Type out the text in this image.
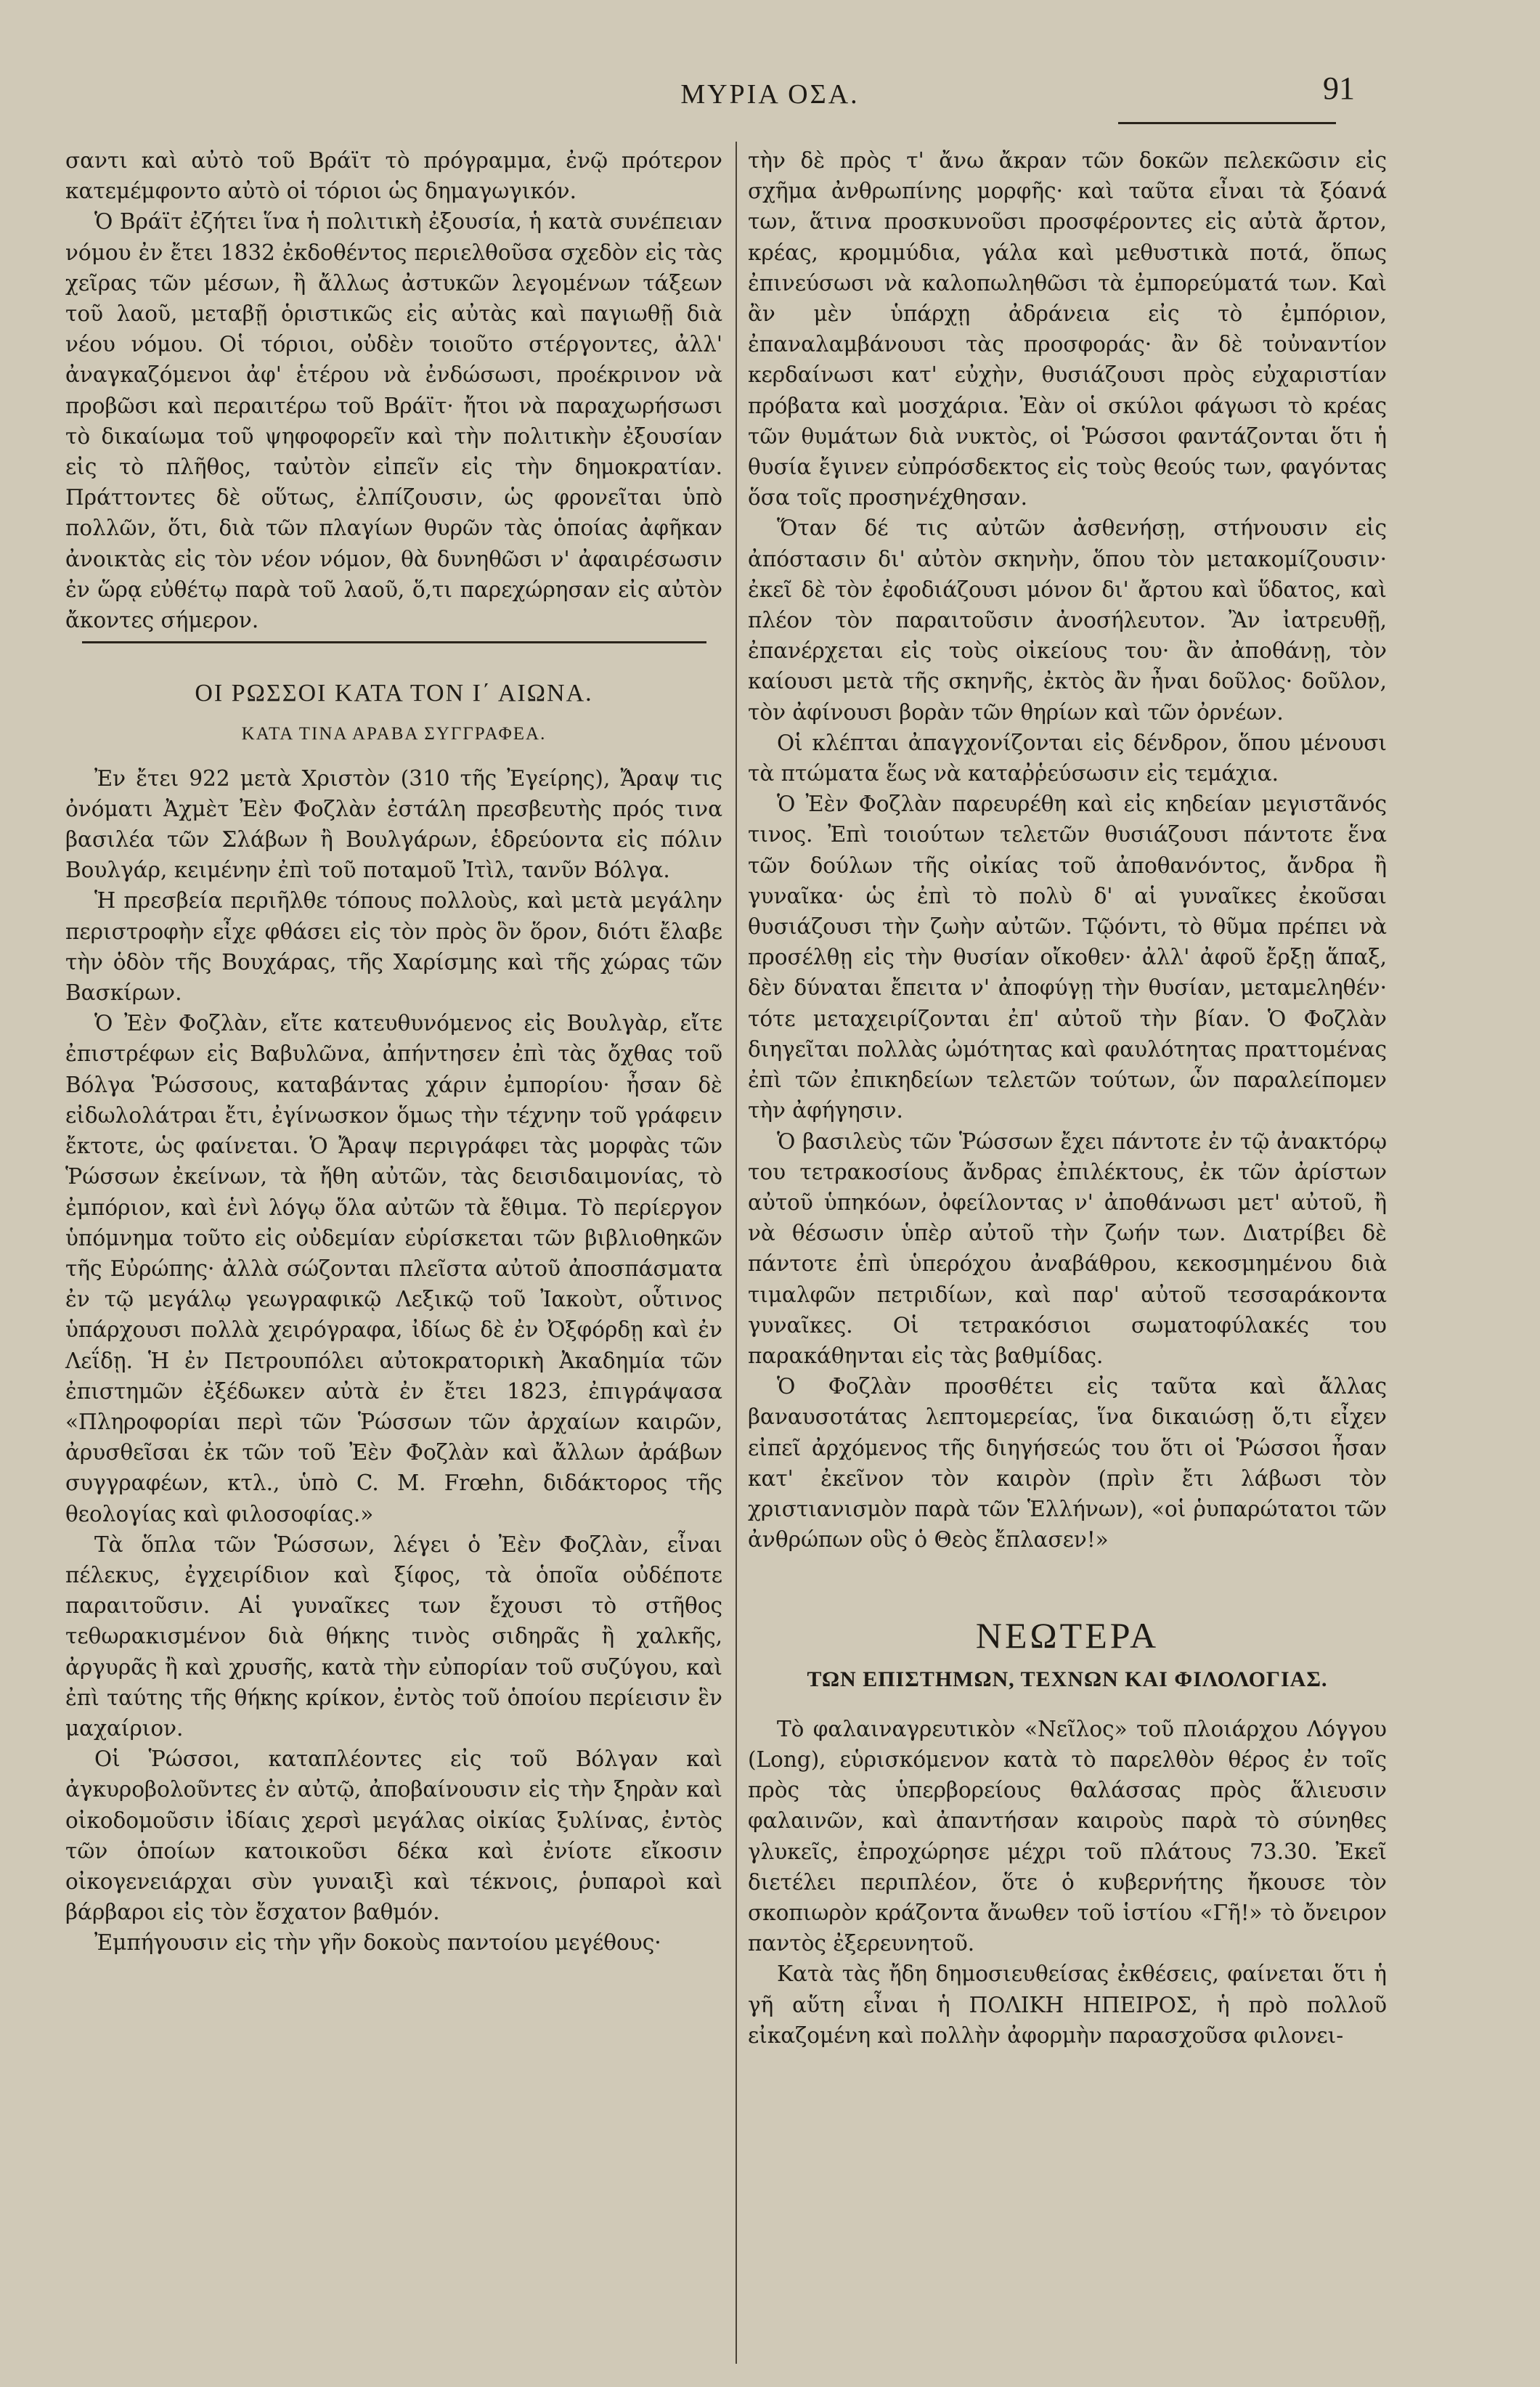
ΜΥΡΙΑ ΟΣΑ.	91

σαντι καὶ αὐτὸ τοῦ Βράϊτ τὸ πρόγραμμα, ἐνῷ πρότερον κατεμέμφοντο αὐτὸ οἱ τόριοι ὡς δημαγωγικόν.

Ὁ Βράϊτ ἐζήτει ἵνα ἡ πολιτικὴ ἐξουσία, ἡ κατὰ συνέπειαν νόμου ἐν ἔτει 1832 ἐκδοθέντος περιελθοῦσα σχεδὸν εἰς τὰς χεῖρας τῶν μέσων, ἢ ἄλλως ἀστυκῶν λεγομένων τάξεων τοῦ λαοῦ, μεταβῇ ὁριστικῶς εἰς αὐτὰς καὶ παγιωθῇ διὰ νέου νόμου. Οἱ τόριοι, οὐδὲν τοιοῦτο στέργοντες, ἀλλ' ἀναγκαζόμενοι ἀφ' ἑτέρου νὰ ἐνδώσωσι, προέκρινον νὰ προβῶσι καὶ περαιτέρω τοῦ Βράϊτ· ἤτοι νὰ παραχωρήσωσι τὸ δικαίωμα τοῦ ψηφοφορεῖν καὶ τὴν πολιτικὴν ἐξουσίαν εἰς τὸ πλῆθος, ταὐτὸν εἰπεῖν εἰς τὴν δημοκρατίαν. Πράττοντες δὲ οὕτως, ἐλπίζουσιν, ὡς φρονεῖται ὑπὸ πολλῶν, ὅτι, διὰ τῶν πλαγίων θυρῶν τὰς ὁποίας ἀφῆκαν ἀνοικτὰς εἰς τὸν νέον νόμον, θὰ δυνηθῶσι ν' ἀφαιρέσωσιν ἐν ὥρᾳ εὐθέτῳ παρὰ τοῦ λαοῦ, ὅ,τι παρεχώρησαν εἰς αὐτὸν ἄκοντες σήμερον.

ΟΙ ΡΩΣΣΟΙ ΚΑΤΑ ΤΟΝ Ι΄ ΑΙΩΝΑ.
ΚΑΤΑ ΤΙΝΑ ΑΡΑΒΑ ΣΥΓΓΡΑΦΕΑ.

Ἐν ἔτει 922 μετὰ Χριστὸν (310 τῆς Ἐγείρης), Ἄραψ τις ὀνόματι Ἀχμὲτ Ἐὲν Φοζλὰν ἐστάλη πρεσβευτὴς πρός τινα βασιλέα τῶν Σλάβων ἢ Βουλγάρων, ἑδρεύοντα εἰς πόλιν Βουλγάρ, κειμένην ἐπὶ τοῦ ποταμοῦ Ἰτὶλ, τανῦν Βόλγα.

Ἡ πρεσβεία περιῆλθε τόπους πολλοὺς, καὶ μετὰ μεγάλην περιστροφὴν εἶχε φθάσει εἰς τὸν πρὸς ὃν ὅρον, διότι ἔλαβε τὴν ὁδὸν τῆς Βουχάρας, τῆς Χαρίσμης καὶ τῆς χώρας τῶν Βασκίρων.

Ὁ Ἐὲν Φοζλὰν, εἴτε κατευθυνόμενος εἰς Βουλγὰρ, εἴτε ἐπιστρέφων εἰς Βαβυλῶνα, ἀπήντησεν ἐπὶ τὰς ὄχθας τοῦ Βόλγα Ῥώσσους, καταβάντας χάριν ἐμπορίου· ἦσαν δὲ εἰδωλολάτραι ἔτι, ἐγίνωσκον ὅμως τὴν τέχνην τοῦ γράφειν ἔκτοτε, ὡς φαίνεται. Ὁ Ἄραψ περιγράφει τὰς μορφὰς τῶν Ῥώσσων ἐκείνων, τὰ ἤθη αὐτῶν, τὰς δεισιδαιμονίας, τὸ ἐμπόριον, καὶ ἑνὶ λόγῳ ὅλα αὐτῶν τὰ ἔθιμα. Τὸ περίεργον ὑπόμνημα τοῦτο εἰς οὐδεμίαν εὑρίσκεται τῶν βιβλιοθηκῶν τῆς Εὐρώπης· ἀλλὰ σώζονται πλεῖστα αὐτοῦ ἀποσπάσματα ἐν τῷ μεγάλῳ γεωγραφικῷ Λεξικῷ τοῦ Ἰακοὺτ, οὗτινος ὑπάρχουσι πολλὰ χειρόγραφα, ἰδίως δὲ ἐν Ὀξφόρδῃ καὶ ἐν Λεΐδῃ. Ἡ ἐν Πετρουπόλει αὐτοκρατορικὴ Ἀκαδημία τῶν ἐπιστημῶν ἐξέδωκεν αὐτὰ ἐν ἔτει 1823, ἐπιγράψασα «Πληροφορίαι περὶ τῶν Ῥώσσων τῶν ἀρχαίων καιρῶν, ἀρυσθεῖσαι ἐκ τῶν τοῦ Ἐὲν Φοζλὰν καὶ ἄλλων ἀράβων συγγραφέων, κτλ., ὑπὸ C. M. Frœhn, διδάκτορος τῆς θεολογίας καὶ φιλοσοφίας.»

Τὰ ὅπλα τῶν Ῥώσσων, λέγει ὁ Ἐὲν Φοζλὰν, εἶναι πέλεκυς, ἐγχειρίδιον καὶ ξίφος, τὰ ὁποῖα οὐδέποτε παραιτοῦσιν. Αἱ γυναῖκες των ἔχουσι τὸ στῆθος τεθωρακισμένον διὰ θήκης τινὸς σιδηρᾶς ἢ χαλκῆς, ἀργυρᾶς ἢ καὶ χρυσῆς, κατὰ τὴν εὐπορίαν τοῦ συζύγου, καὶ ἐπὶ ταύτης τῆς θήκης κρίκον, ἐντὸς τοῦ ὁποίου περίεισιν ἓν μαχαίριον.

Οἱ Ῥώσσοι, καταπλέοντες εἰς τοῦ Βόλγαν καὶ ἀγκυροβολοῦντες ἐν αὐτῷ, ἀποβαίνουσιν εἰς τὴν ξηρὰν καὶ οἰκοδομοῦσιν ἰδίαις χερσὶ μεγάλας οἰκίας ξυλίνας, ἐντὸς τῶν ὁποίων κατοικοῦσι δέκα καὶ ἐνίοτε εἴκοσιν οἰκογενειάρχαι σὺν γυναιξὶ καὶ τέκνοις, ῥυπαροὶ καὶ βάρβαροι εἰς τὸν ἔσχατον βαθμόν.

Ἐμπήγουσιν εἰς τὴν γῆν δοκοὺς παντοίου μεγέθους·

τὴν δὲ πρὸς τ' ἄνω ἄκραν τῶν δοκῶν πελεκῶσιν εἰς σχῆμα ἀνθρωπίνης μορφῆς· καὶ ταῦτα εἶναι τὰ ξόανά των, ἅτινα προσκυνοῦσι προσφέροντες εἰς αὐτὰ ἄρτον, κρέας, κρομμύδια, γάλα καὶ μεθυστικὰ ποτά, ὅπως ἐπινεύσωσι νὰ καλοπωληθῶσι τὰ ἐμπορεύματά των. Καὶ ἂν μὲν ὑπάρχῃ ἀδράνεια εἰς τὸ ἐμπόριον, ἐπαναλαμβάνουσι τὰς προσφοράς· ἂν δὲ τοὐναντίον κερδαίνωσι κατ' εὐχὴν, θυσιάζουσι πρὸς εὐχαριστίαν πρόβατα καὶ μοσχάρια. Ἐὰν οἱ σκύλοι φάγωσι τὸ κρέας τῶν θυμάτων διὰ νυκτὸς, οἱ Ῥώσσοι φαντάζονται ὅτι ἡ θυσία ἔγινεν εὐπρόσδεκτος εἰς τοὺς θεούς των, φαγόντας ὅσα τοῖς προσηνέχθησαν.

Ὅταν δέ τις αὐτῶν ἀσθενήσῃ, στήνουσιν εἰς ἀπόστασιν δι' αὐτὸν σκηνὴν, ὅπου τὸν μετακομίζουσιν· ἐκεῖ δὲ τὸν ἐφοδιάζουσι μόνον δι' ἄρτου καὶ ὕδατος, καὶ πλέον τὸν παραιτοῦσιν ἀνοσήλευτον. Ἂν ἰατρευθῇ, ἐπανέρχεται εἰς τοὺς οἰκείους του· ἂν ἀποθάνῃ, τὸν καίουσι μετὰ τῆς σκηνῆς, ἐκτὸς ἂν ἦναι δοῦλος· δοῦλον, τὸν ἀφίνουσι βορὰν τῶν θηρίων καὶ τῶν ὀρνέων.

Οἱ κλέπται ἀπαγχονίζονται εἰς δένδρον, ὅπου μένουσι τὰ πτώματα ἕως νὰ καταῤῥεύσωσιν εἰς τεμάχια.

Ὁ Ἐὲν Φοζλὰν παρευρέθη καὶ εἰς κηδείαν μεγιστᾶνός τινος. Ἐπὶ τοιούτων τελετῶν θυσιάζουσι πάντοτε ἕνα τῶν δούλων τῆς οἰκίας τοῦ ἀποθανόντος, ἄνδρα ἢ γυναῖκα· ὡς ἐπὶ τὸ πολὺ δ' αἱ γυναῖκες ἐκοῦσαι θυσιάζουσι τὴν ζωὴν αὐτῶν. Τῷόντι, τὸ θῦμα πρέπει νὰ προσέλθῃ εἰς τὴν θυσίαν οἴκοθεν· ἀλλ' ἀφοῦ ἔρξῃ ἅπαξ, δὲν δύναται ἔπειτα ν' ἀποφύγῃ τὴν θυσίαν, μεταμεληθέν· τότε μεταχειρίζονται ἐπ' αὐτοῦ τὴν βίαν. Ὁ Φοζλὰν διηγεῖται πολλὰς ὠμότητας καὶ φαυλότητας πραττομένας ἐπὶ τῶν ἐπικηδείων τελετῶν τούτων, ὧν παραλείπομεν τὴν ἀφήγησιν.

Ὁ βασιλεὺς τῶν Ῥώσσων ἔχει πάντοτε ἐν τῷ ἀνακτόρῳ του τετρακοσίους ἄνδρας ἐπιλέκτους, ἐκ τῶν ἀρίστων αὐτοῦ ὑπηκόων, ὀφείλοντας ν' ἀποθάνωσι μετ' αὐτοῦ, ἢ νὰ θέσωσιν ὑπὲρ αὐτοῦ τὴν ζωήν των. Διατρίβει δὲ πάντοτε ἐπὶ ὑπερόχου ἀναβάθρου, κεκοσμημένου διὰ τιμαλφῶν πετριδίων, καὶ παρ' αὐτοῦ τεσσαράκοντα γυναῖκες. Οἱ τετρακόσιοι σωματοφύλακές του παρακάθηνται εἰς τὰς βαθμίδας.

Ὁ Φοζλὰν προσθέτει εἰς ταῦτα καὶ ἄλλας βαναυσοτάτας λεπτομερείας, ἵνα δικαιώσῃ ὅ,τι εἶχεν εἰπεῖ ἀρχόμενος τῆς διηγήσεώς του ὅτι οἱ Ῥώσσοι ἦσαν κατ' ἐκεῖνον τὸν καιρὸν (πρὶν ἔτι λάβωσι τὸν χριστιανισμὸν παρὰ τῶν Ἑλλήνων), «οἱ ῥυπαρώτατοι τῶν ἀνθρώπων οὓς ὁ Θεὸς ἔπλασεν!»

ΝΕΩΤΕΡΑ
ΤΩΝ ΕΠΙΣΤΗΜΩΝ, ΤΕΧΝΩΝ ΚΑΙ ΦΙΛΟΛΟΓΙΑΣ.

Τὸ φαλαιναγρευτικὸν «Νεῖλος» τοῦ πλοιάρχου Λόγγου (Long), εὑρισκόμενον κατὰ τὸ παρελθὸν θέρος ἐν τοῖς πρὸς τὰς ὑπερβορείους θαλάσσας πρὸς ἅλιευσιν φαλαινῶν, καὶ ἀπαντήσαν καιροὺς παρὰ τὸ σύνηθες γλυκεῖς, ἐπροχώρησε μέχρι τοῦ πλάτους 73.30. Ἐκεῖ διετέλει περιπλέον, ὅτε ὁ κυβερνήτης ἤκουσε τὸν σκοπιωρὸν κράζοντα ἄνωθεν τοῦ ἱστίου «Γῆ!» τὸ ὄνειρον παντὸς ἐξερευνητοῦ.

Κατὰ τὰς ἤδη δημοσιευθείσας ἐκθέσεις, φαίνεται ὅτι ἡ γῆ αὕτη εἶναι ἡ ΠΟΛΙΚΗ ΗΠΕΙΡΟΣ, ἡ πρὸ πολλοῦ εἰκαζομένη καὶ πολλὴν ἀφορμὴν παρασχοῦσα φιλονει-
